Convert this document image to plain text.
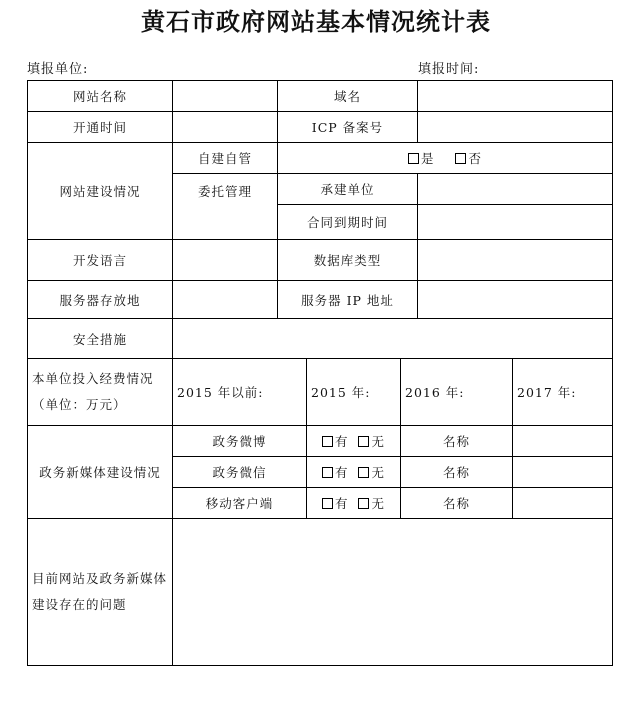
黄石市政府网站基本情况统计表
填报单位:	填报时间:
网站名称		域名				
开通时间		ICP 备案号				
网站建设情况	自建自管	是 否				
	委托管理	承建单位				
		合同到期时间				
开发语言		数据库类型				
服务器存放地		服务器 IP 地址				
安全措施						
本单位投入经费情况（单位：万元）	2015 年以前:		2015 年:	2016 年:		2017 年:
政务新媒体建设情况	政务微博		有 无	名称		
	政务微信		有 无	名称		
	移动客户端		有 无	名称		
目前网站及政务新媒体建设存在的问题						
